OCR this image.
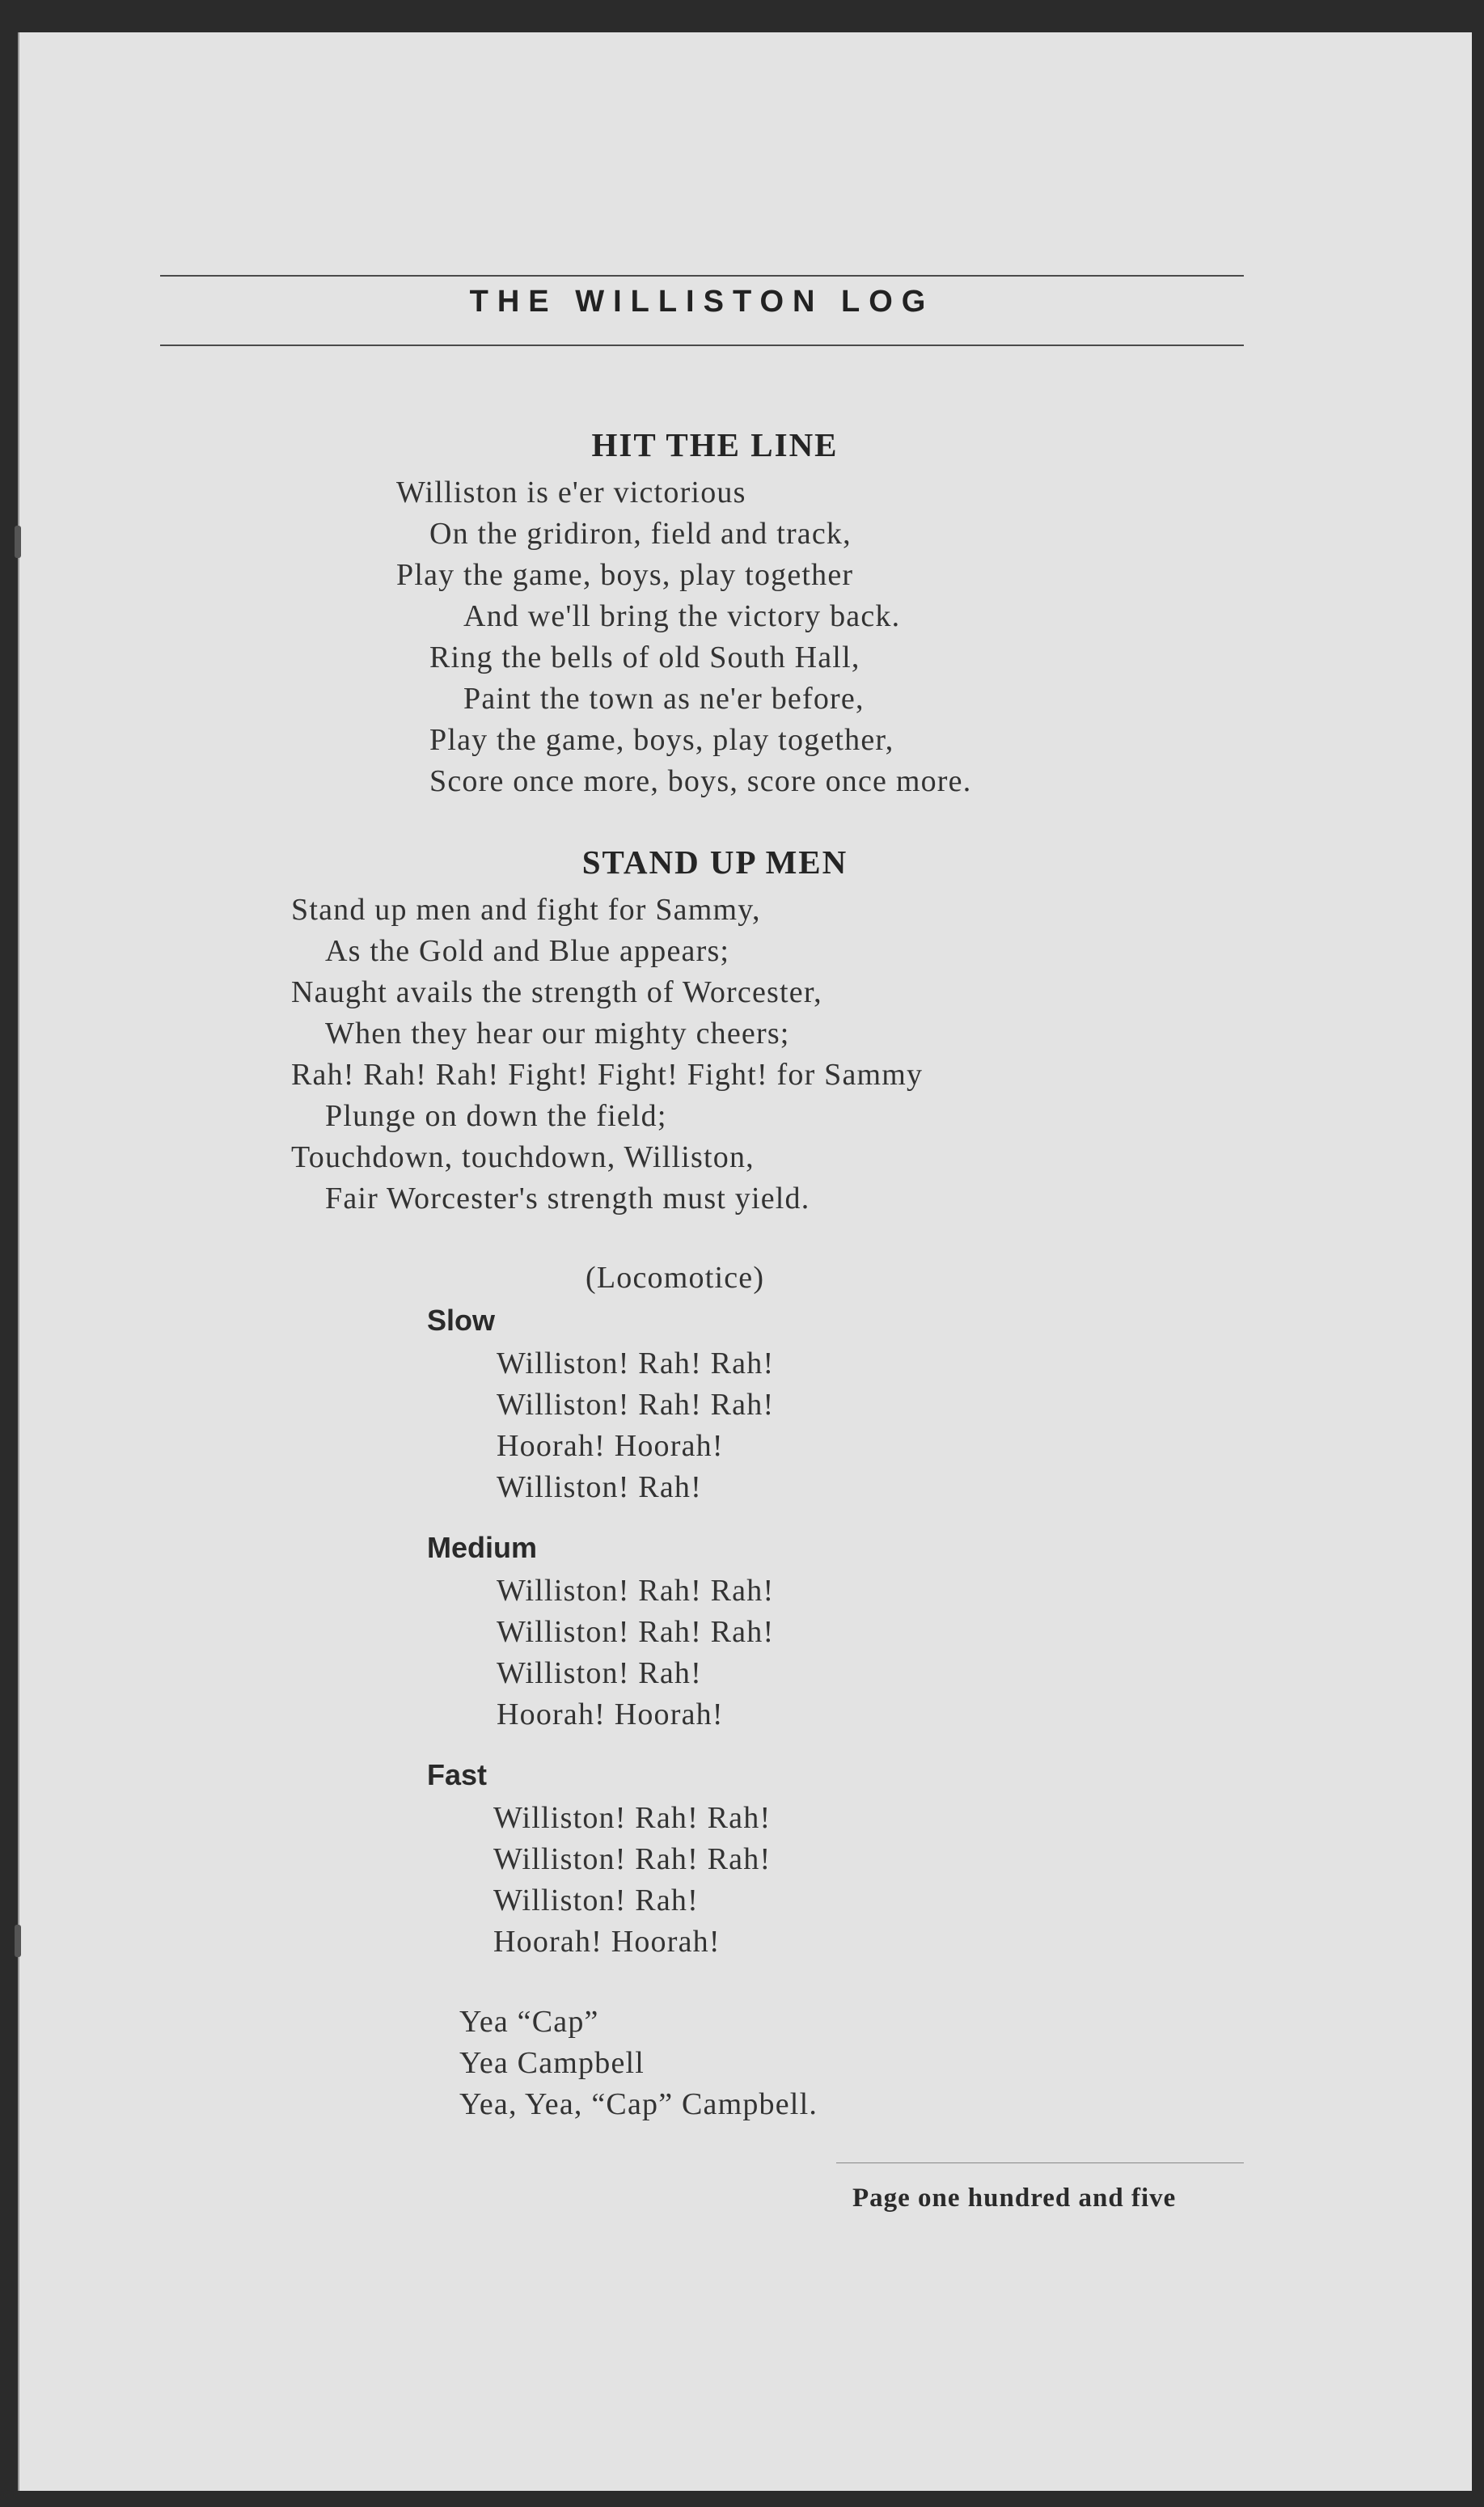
THE WILLISTON LOG
HIT THE LINE
Williston is e'er victorious
On the gridiron, field and track,
Play the game, boys, play together
And we'll bring the victory back.
Ring the bells of old South Hall,
Paint the town as ne'er before,
Play the game, boys, play together,
Score once more, boys, score once more.
STAND UP MEN
Stand up men and fight for Sammy,
As the Gold and Blue appears;
Naught avails the strength of Worcester,
When they hear our mighty cheers;
Rah! Rah! Rah! Fight! Fight! Fight! for Sammy
Plunge on down the field;
Touchdown, touchdown, Williston,
Fair Worcester's strength must yield.
(Locomotice)
Slow
Williston! Rah! Rah!
Williston! Rah! Rah!
Hoorah! Hoorah!
Williston! Rah!
Medium
Williston! Rah! Rah!
Williston! Rah! Rah!
Williston! Rah!
Hoorah! Hoorah!
Fast
Williston! Rah! Rah!
Williston! Rah! Rah!
Williston! Rah!
Hoorah! Hoorah!
Yea “Cap”
Yea Campbell
Yea, Yea, “Cap” Campbell.
Page one hundred and five
